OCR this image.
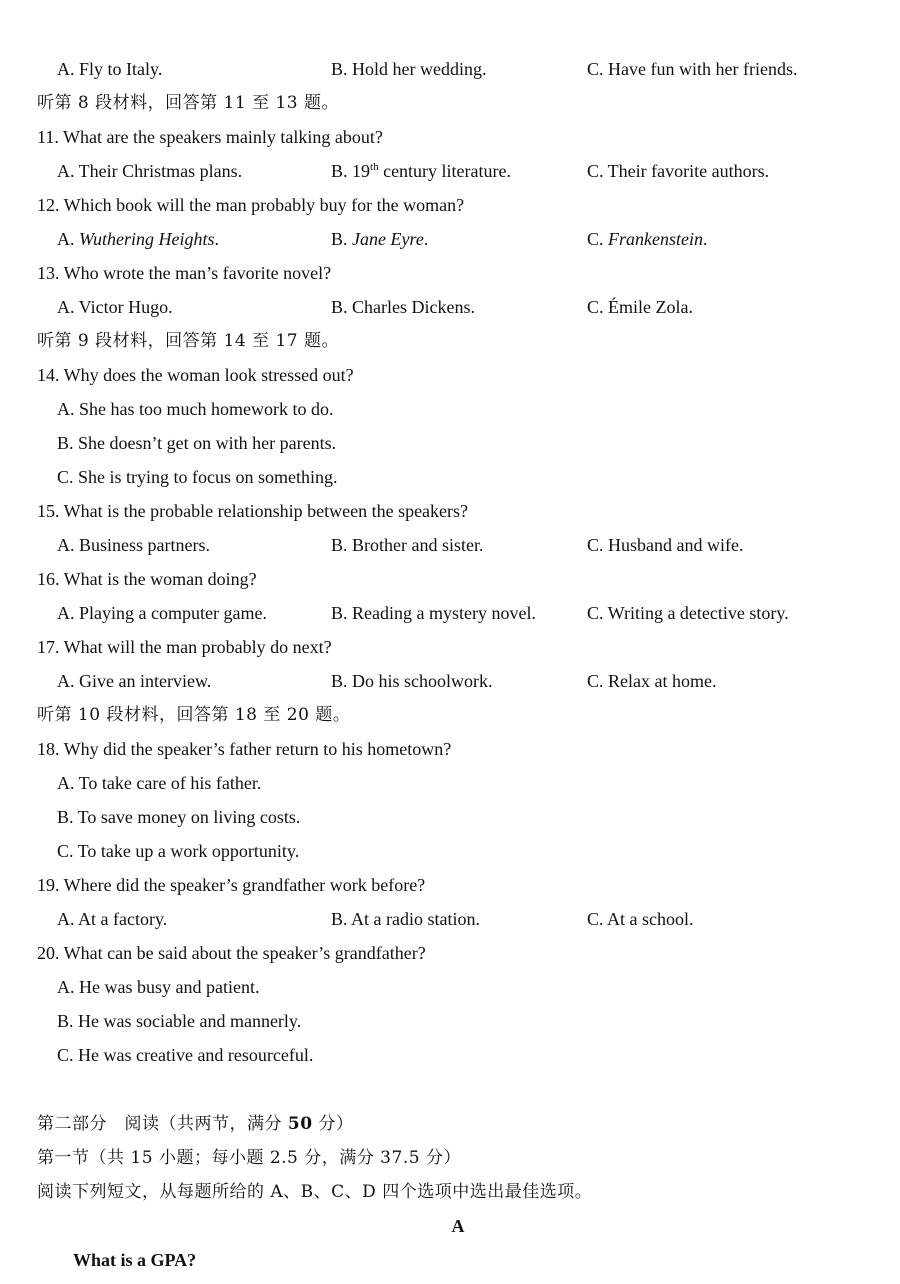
A. Fly to Italy.	B. Hold her wedding.	C. Have fun with her friends.
听第 8 段材料，回答第 11 至 13 题。
11. What are the speakers mainly talking about?
A. Their Christmas plans.	B. 19th century literature.	C. Their favorite authors.
12. Which book will the man probably buy for the woman?
A. Wuthering Heights.	B. Jane Eyre.	C. Frankenstein.
13. Who wrote the man’s favorite novel?
A. Victor Hugo.	B. Charles Dickens.	C. Émile Zola.
听第 9 段材料，回答第 14 至 17 题。
14. Why does the woman look stressed out?
A. She has too much homework to do.
B. She doesn’t get on with her parents.
C. She is trying to focus on something.
15. What is the probable relationship between the speakers?
A. Business partners.	B. Brother and sister.	C. Husband and wife.
16. What is the woman doing?
A. Playing a computer game.	B. Reading a mystery novel.	C. Writing a detective story.
17. What will the man probably do next?
A. Give an interview.	B. Do his schoolwork.	C. Relax at home.
听第 10 段材料，回答第 18 至 20 题。
18. Why did the speaker’s father return to his hometown?
A. To take care of his father.
B. To save money on living costs.
C. To take up a work opportunity.
19. Where did the speaker’s grandfather work before?
A. At a factory.	B. At a radio station.	C. At a school.
20. What can be said about the speaker’s grandfather?
A. He was busy and patient.
B. He was sociable and mannerly.
C. He was creative and resourceful.
第二部分　阅读（共两节，满分 50 分）
第一节（共 15 小题；每小题 2.5 分，满分 37.5 分）
阅读下列短文，从每题所给的 A、B、C、D 四个选项中选出最佳选项。
A
What is a GPA?
